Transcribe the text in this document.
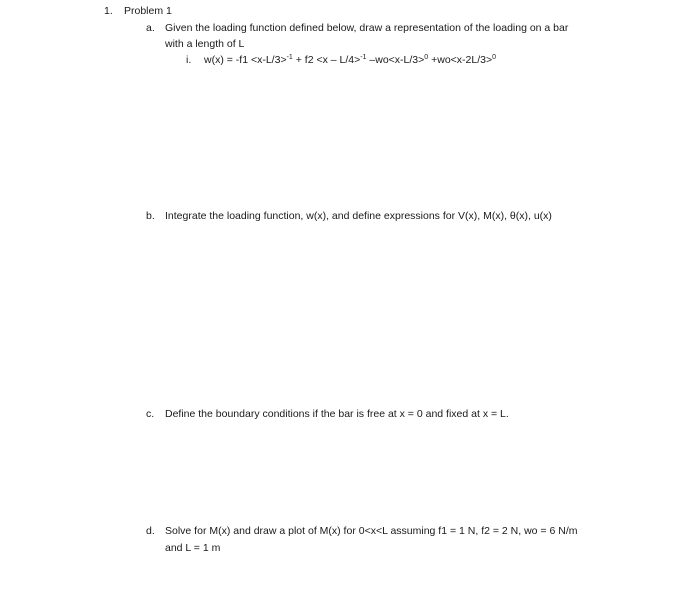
1. Problem 1
a. Given the loading function defined below, draw a representation of the loading on a bar
with a length of L
i. w(x) = -f1 <x-L/3>$^{-1}$ + f2 <x – L/4>$^{-1}$ –wo<x-L/3>$^0$ +wo<x-2L/3>$^0$
b. Integrate the loading function, w(x), and define expressions for V(x), M(x), θ(x), u(x)
c. Define the boundary conditions if the bar is free at x = 0 and fixed at x = L.
d. Solve for M(x) and draw a plot of M(x) for 0<x<L assuming f1 = 1 N, f2 = 2 N, wo = 6 N/m
and L = 1 m
